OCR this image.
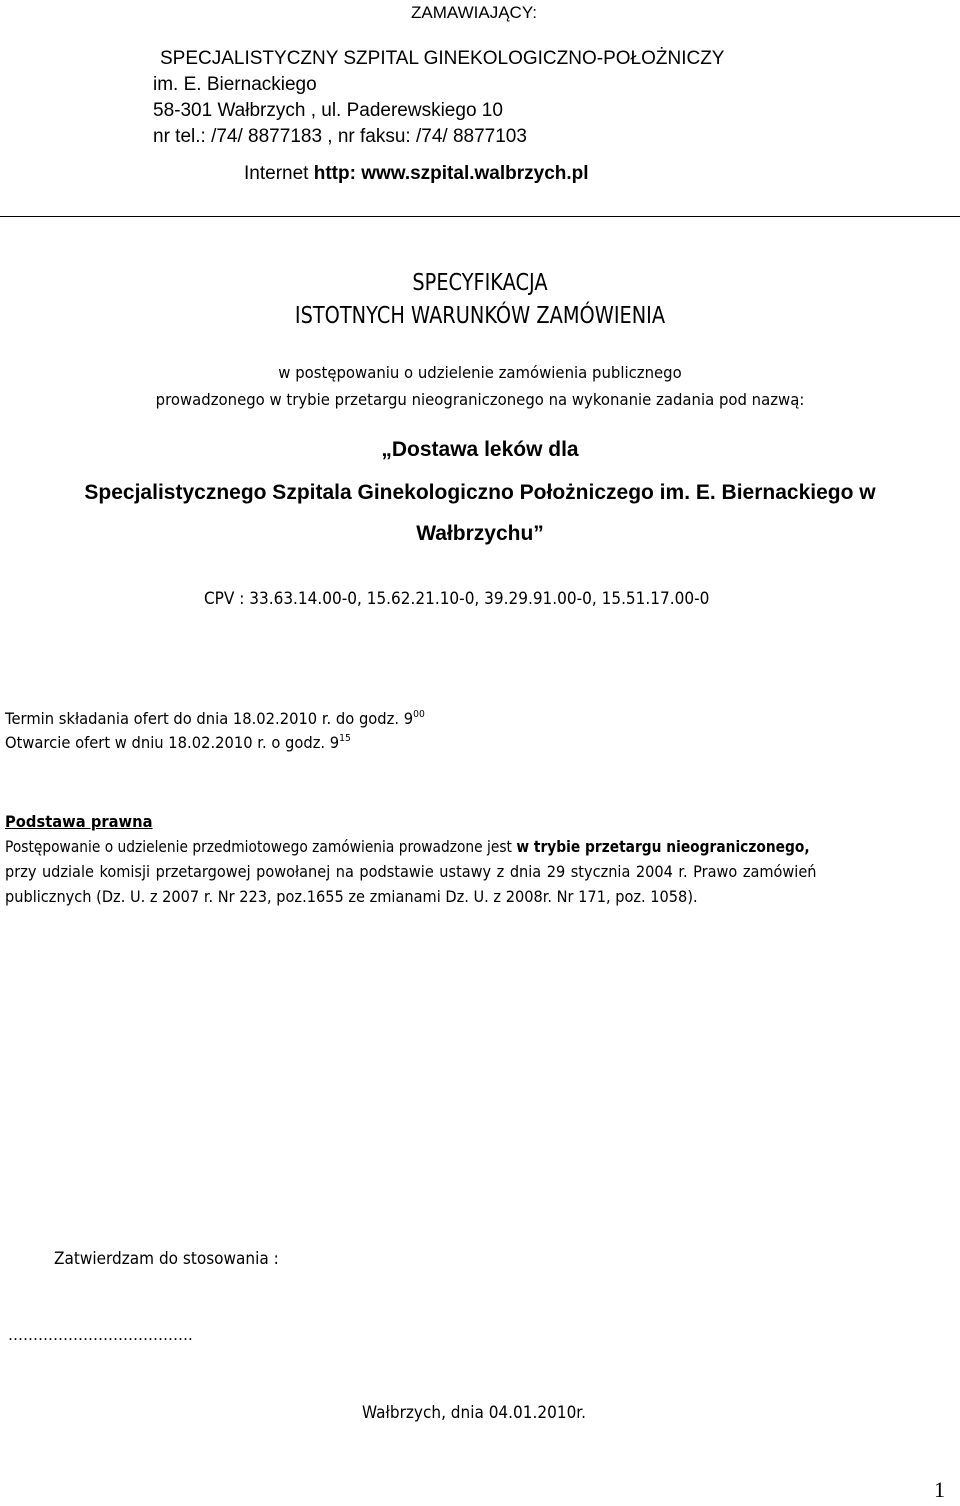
ZAMAWIAJĄCY:
SPECJALISTYCZNY SZPITAL GINEKOLOGICZNO-POŁOŻNICZY
im. E. Biernackiego
58-301 Wałbrzych , ul. Paderewskiego 10
nr tel.: /74/ 8877183 , nr faksu: /74/ 8877103
Internet http: www.szpital.walbrzych.pl
SPECYFIKACJA
ISTOTNYCH WARUNKÓW ZAMÓWIENIA
w postępowaniu o udzielenie zamówienia publicznego
prowadzonego w trybie przetargu nieograniczonego na wykonanie zadania pod nazwą:
„Dostawa leków dla
Specjalistycznego Szpitala Ginekologiczno Położniczego im. E. Biernackiego w
Wałbrzychu”
CPV : 33.63.14.00-0, 15.62.21.10-0, 39.29.91.00-0, 15.51.17.00-0
Termin składania ofert do dnia 18.02.2010 r. do godz. $9^{00}$
Otwarcie ofert w dniu 18.02.2010 r. o godz. $9^{15}$
Podstawa prawna
Postępowanie o udzielenie przedmiotowego zamówienia prowadzone jest w trybie przetargu nieograniczonego,
przy udziale komisji przetargowej powołanej na podstawie ustawy z dnia 29 stycznia 2004 r. Prawo zamówień
publicznych (Dz. U. z 2007 r. Nr 223, poz.1655 ze zmianami Dz. U. z 2008r. Nr 171, poz. 1058).
Zatwierdzam do stosowania :
……………………………….
Wałbrzych, dnia 04.01.2010r.
1
